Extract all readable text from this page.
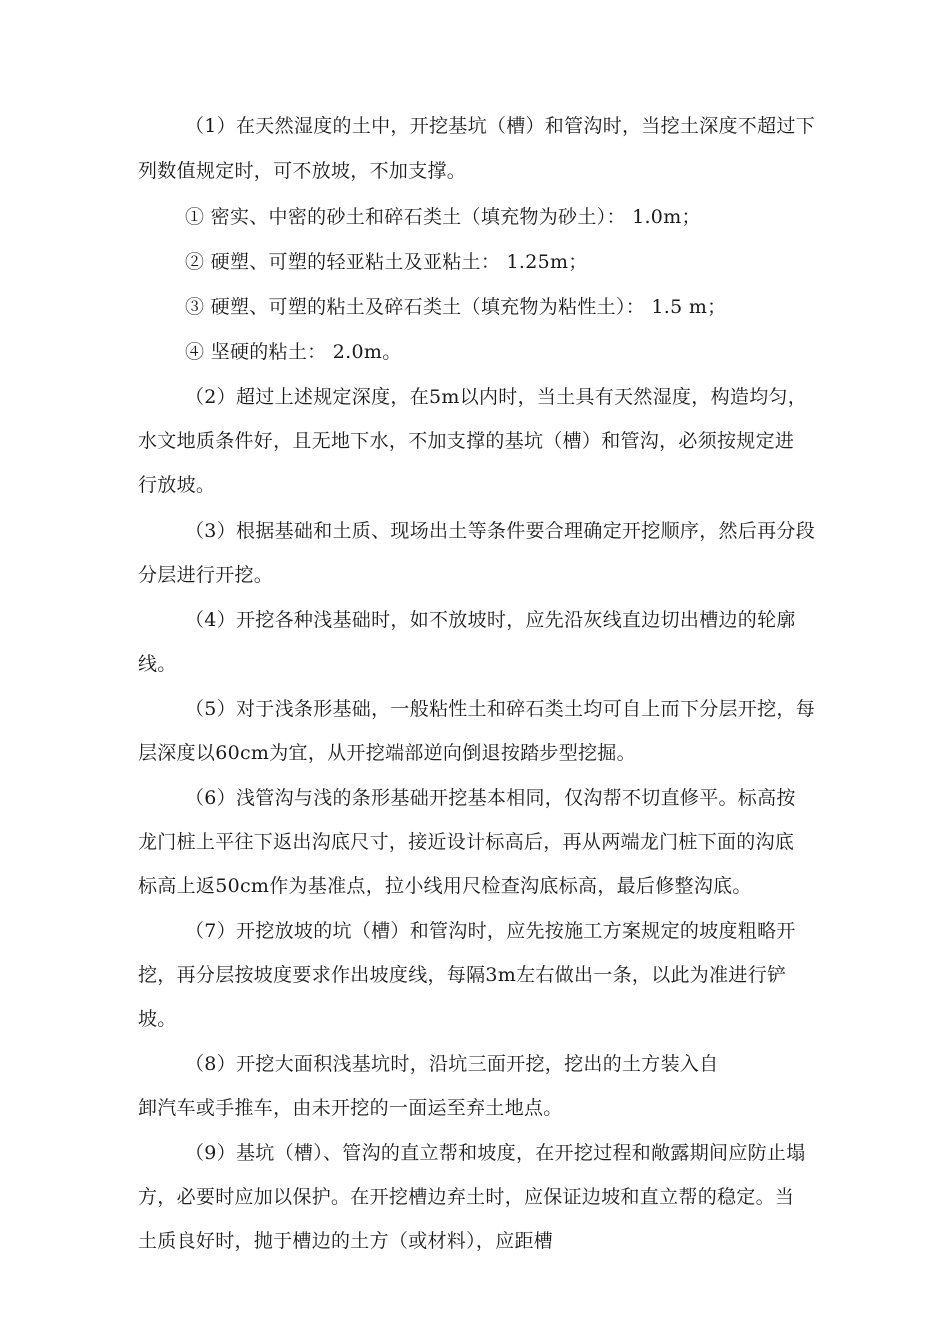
（1）在天然湿度的土中，开挖基坑（槽）和管沟时，当挖土深度不超过下
列数值规定时，可不放坡，不加支撑。
① 密实、中密的砂土和碎石类土（填充物为砂土）： 1.0m；
② 硬塑、可塑的轻亚粘土及亚粘土： 1.25m；
③ 硬塑、可塑的粘土及碎石类土（填充物为粘性土）： 1.5 m；
④ 坚硬的粘土： 2.0m。
（2）超过上述规定深度，在5m以内时，当土具有天然湿度，构造均匀，
水文地质条件好，且无地下水，不加支撑的基坑（槽）和管沟，必须按规定进
行放坡。
（3）根据基础和土质、现场出土等条件要合理确定开挖顺序，然后再分段
分层进行开挖。
（4）开挖各种浅基础时，如不放坡时，应先沿灰线直边切出槽边的轮廓
线。
（5）对于浅条形基础，一般粘性土和碎石类土均可自上而下分层开挖，每
层深度以60cm为宜，从开挖端部逆向倒退按踏步型挖掘。
（6）浅管沟与浅的条形基础开挖基本相同，仅沟帮不切直修平。标高按
龙门桩上平往下返出沟底尺寸，接近设计标高后，再从两端龙门桩下面的沟底
标高上返50cm作为基准点，拉小线用尺检查沟底标高，最后修整沟底。
（7）开挖放坡的坑（槽）和管沟时，应先按施工方案规定的坡度粗略开
挖，再分层按坡度要求作出坡度线，每隔3m左右做出一条，以此为准进行铲
坡。
（8）开挖大面积浅基坑时，沿坑三面开挖，挖出的土方装入自
卸汽车或手推车，由未开挖的一面运至弃土地点。
（9）基坑（槽）、管沟的直立帮和坡度，在开挖过程和敞露期间应防止塌
方，必要时应加以保护。在开挖槽边弃土时，应保证边坡和直立帮的稳定。当
土质良好时，抛于槽边的土方（或材料），应距槽
